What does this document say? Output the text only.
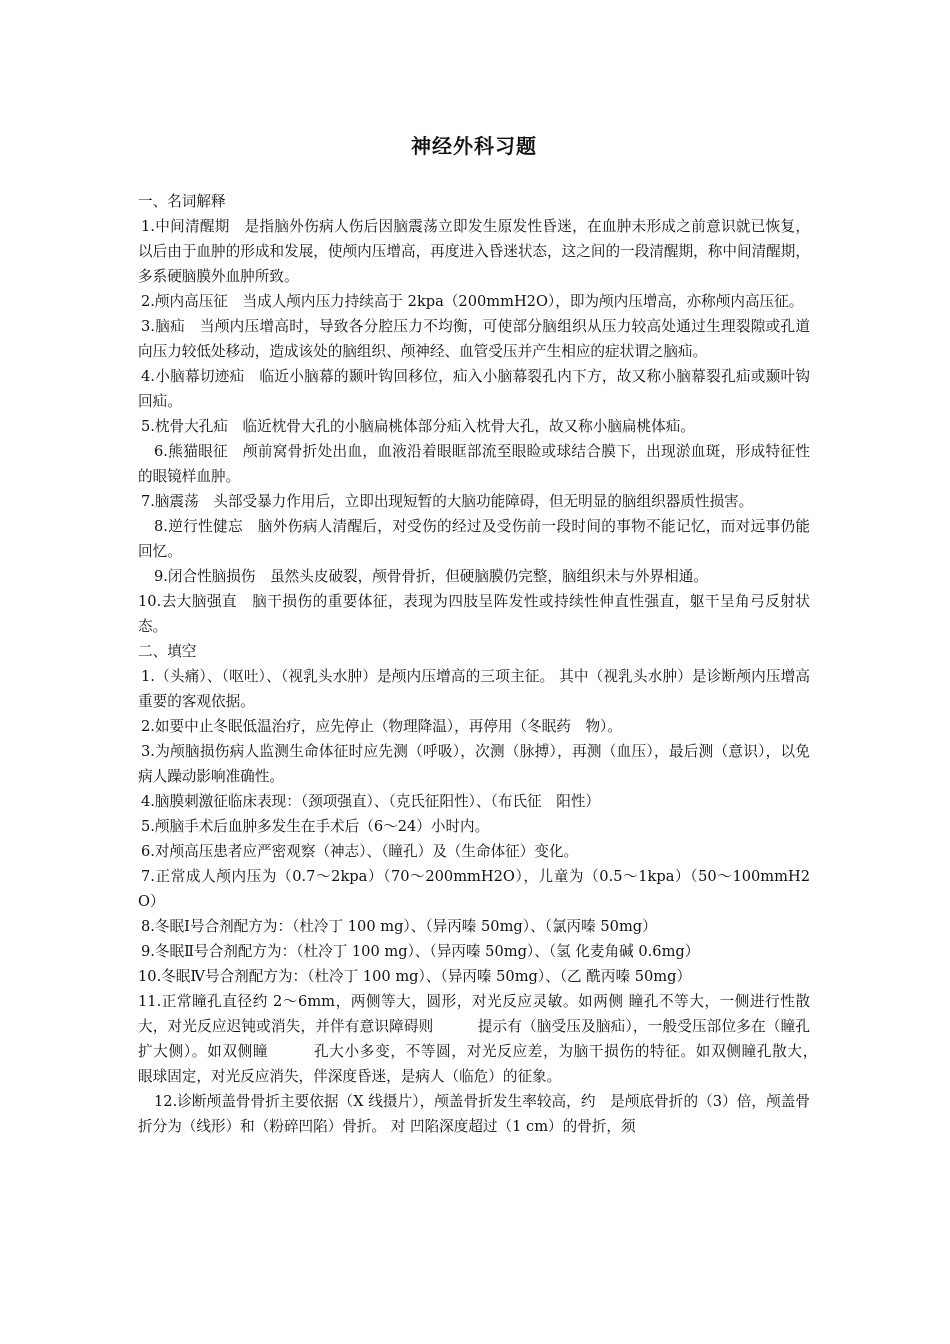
神经外科习题

一、名词解释

1.中间清醒期　是指脑外伤病人伤后因脑震荡立即发生原发性昏迷，在血肿未形成之前意识就已恢复，以后由于血肿的形成和发展，使颅内压增高，再度进入昏迷状态，这之间的一段清醒期，称中间清醒期，多系硬脑膜外血肿所致。

2.颅内高压征　当成人颅内压力持续高于 2kpa（200mmH2O），即为颅内压增高，亦称颅内高压征。

3.脑疝　当颅内压增高时，导致各分腔压力不均衡，可使部分脑组织从压力较高处通过生理裂隙或孔道向压力较低处移动，造成该处的脑组织、颅神经、血管受压并产生相应的症状谓之脑疝。

4.小脑幕切迹疝　临近小脑幕的颞叶钩回移位，疝入小脑幕裂孔内下方，故又称小脑幕裂孔疝或颞叶钩回疝。

5.枕骨大孔疝　临近枕骨大孔的小脑扁桃体部分疝入枕骨大孔，故又称小脑扁桃体疝。

6.熊猫眼征　颅前窝骨折处出血，血液沿着眼眶部流至眼睑或球结合膜下，出现淤血斑，形成特征性的眼镜样血肿。

7.脑震荡　头部受暴力作用后，立即出现短暂的大脑功能障碍，但无明显的脑组织器质性损害。

8.逆行性健忘　脑外伤病人清醒后，对受伤的经过及受伤前一段时间的事物不能记忆，而对远事仍能回忆。

9.闭合性脑损伤　虽然头皮破裂，颅骨骨折，但硬脑膜仍完整，脑组织未与外界相通。

10.去大脑强直　脑干损伤的重要体征，表现为四肢呈阵发性或持续性伸直性强直，躯干呈角弓反射状态。

二、填空

1.（头痛）、（呕吐）、（视乳头水肿）是颅内压增高的三项主征。 其中（视乳头水肿）是诊断颅内压增高重要的客观依据。

2.如要中止冬眠低温治疗，应先停止（物理降温），再停用（冬眠药　物）。

3.为颅脑损伤病人监测生命体征时应先测（呼吸），次测（脉搏），再测（血压），最后测（意识），以免病人躁动影响准确性。

4.脑膜刺激征临床表现：（颈项强直）、（克氏征阳性）、（布氏征　阳性）

5.颅脑手术后血肿多发生在手术后（6～24）小时内。

6.对颅高压患者应严密观察（神志）、（瞳孔）及（生命体征）变化。

7.正常成人颅内压为（0.7～2kpa）（70～200mmH2O），儿童为（0.5～1kpa）（50～100mmH2O）

8.冬眠Ⅰ号合剂配方为：（杜冷丁 100 mg）、（异丙嗪 50mg）、（氯丙嗪 50mg）

9.冬眠Ⅱ号合剂配方为：（杜冷丁 100 mg）、（异丙嗪 50mg）、（氢 化麦角碱 0.6mg）

10.冬眠Ⅳ号合剂配方为：（杜冷丁 100 mg）、（异丙嗪 50mg）、（乙 酰丙嗪 50mg）

11.正常瞳孔直径约 2～6mm，两侧等大，圆形，对光反应灵敏。如两侧 瞳孔不等大，一侧进行性散大，对光反应迟钝或消失，并伴有意识障碍则　　　提示有（脑受压及脑疝），一般受压部位多在（瞳孔扩大侧）。如双侧瞳　　　孔大小多变，不等圆，对光反应差，为脑干损伤的特征。如双侧瞳孔散大，　　　眼球固定，对光反应消失，伴深度昏迷，是病人（临危）的征象。

12.诊断颅盖骨骨折主要依据（X 线摄片），颅盖骨折发生率较高，约　是颅底骨折的（3）倍，颅盖骨折分为（线形）和（粉碎凹陷）骨折。 对 凹陷深度超过（1 cm）的骨折，须
